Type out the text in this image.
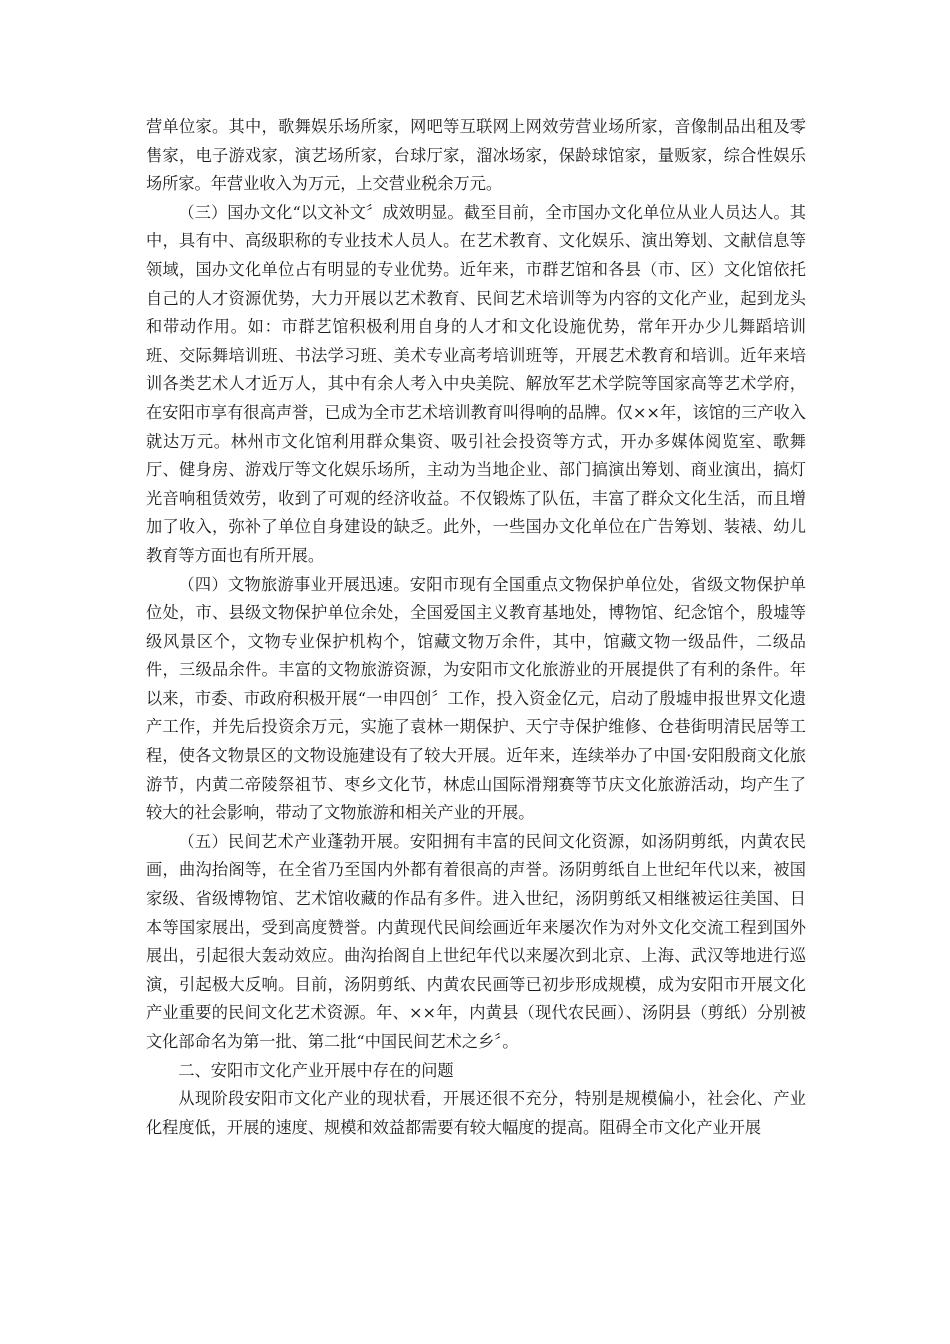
营单位家。其中，歌舞娱乐场所家，网吧等互联网上网效劳营业场所家，音像制品出租及零售家，电子游戏家，演艺场所家，台球厅家，溜冰场家，保龄球馆家，量贩家，综合性娱乐场所家。年营业收入为万元，上交营业税余万元。

（三）国办文化“以文补文〞成效明显。截至目前，全市国办文化单位从业人员达人。其中，具有中、高级职称的专业技术人员人。在艺术教育、文化娱乐、演出筹划、文献信息等领域，国办文化单位占有明显的专业优势。近年来，市群艺馆和各县（市、区）文化馆依托自己的人才资源优势，大力开展以艺术教育、民间艺术培训等为内容的文化产业，起到龙头和带动作用。如：市群艺馆积极利用自身的人才和文化设施优势，常年开办少儿舞蹈培训班、交际舞培训班、书法学习班、美术专业高考培训班等，开展艺术教育和培训。近年来培训各类艺术人才近万人，其中有余人考入中央美院、解放军艺术学院等国家高等艺术学府，在安阳市享有很高声誉，已成为全市艺术培训教育叫得响的品牌。仅××年，该馆的三产收入就达万元。林州市文化馆利用群众集资、吸引社会投资等方式，开办多媒体阅览室、歌舞厅、健身房、游戏厅等文化娱乐场所，主动为当地企业、部门搞演出筹划、商业演出，搞灯光音响租赁效劳，收到了可观的经济收益。不仅锻炼了队伍，丰富了群众文化生活，而且增加了收入，弥补了单位自身建设的缺乏。此外，一些国办文化单位在广告筹划、装裱、幼儿教育等方面也有所开展。

（四）文物旅游事业开展迅速。安阳市现有全国重点文物保护单位处，省级文物保护单位处，市、县级文物保护单位余处，全国爱国主义教育基地处，博物馆、纪念馆个，殷墟等级风景区个，文物专业保护机构个，馆藏文物万余件，其中，馆藏文物一级品件，二级品件，三级品余件。丰富的文物旅游资源，为安阳市文化旅游业的开展提供了有利的条件。年以来，市委、市政府积极开展“一申四创〞工作，投入资金亿元，启动了殷墟申报世界文化遗产工作，并先后投资余万元，实施了袁林一期保护、天宁寺保护维修、仓巷街明清民居等工程，使各文物景区的文物设施建设有了较大开展。近年来，连续举办了中国·安阳殷商文化旅游节，内黄二帝陵祭祖节、枣乡文化节，林虑山国际滑翔赛等节庆文化旅游活动，均产生了较大的社会影响，带动了文物旅游和相关产业的开展。

（五）民间艺术产业蓬勃开展。安阳拥有丰富的民间文化资源，如汤阴剪纸，内黄农民画，曲沟抬阁等，在全省乃至国内外都有着很高的声誉。汤阴剪纸自上世纪年代以来，被国家级、省级博物馆、艺术馆收藏的作品有多件。进入世纪，汤阴剪纸又相继被运往美国、日本等国家展出，受到高度赞誉。内黄现代民间绘画近年来屡次作为对外文化交流工程到国外展出，引起很大轰动效应。曲沟抬阁自上世纪年代以来屡次到北京、上海、武汉等地进行巡演，引起极大反响。目前，汤阴剪纸、内黄农民画等已初步形成规模，成为安阳市开展文化产业重要的民间文化艺术资源。年、××年，内黄县（现代农民画）、汤阴县（剪纸）分别被文化部命名为第一批、第二批“中国民间艺术之乡〞。

二、安阳市文化产业开展中存在的问题

从现阶段安阳市文化产业的现状看，开展还很不充分，特别是规模偏小，社会化、产业化程度低，开展的速度、规模和效益都需要有较大幅度的提高。阻碍全市文化产业开展
